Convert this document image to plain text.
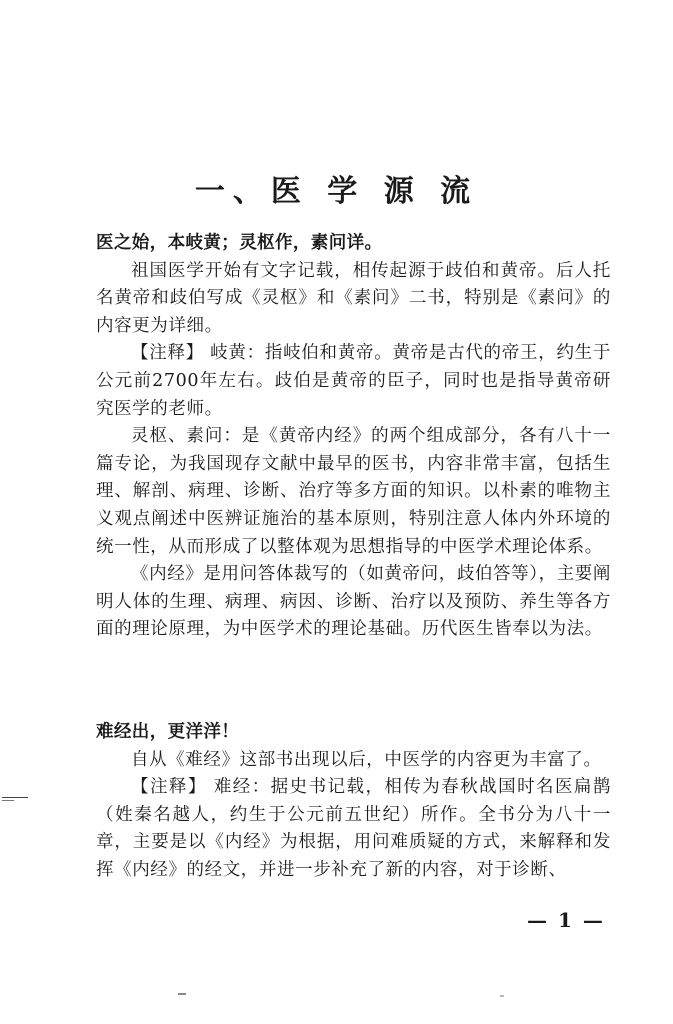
一、医 学 源 流

医之始，本岐黄；灵枢作，素问详。

祖国医学开始有文字记载，相传起源于歧伯和黄帝。后人托名黄帝和歧伯写成《灵枢》和《素问》二书，特别是《素问》的内容更为详细。

【注释】 岐黄：指岐伯和黄帝。黄帝是古代的帝王，约生于公元前2700年左右。歧伯是黄帝的臣子，同时也是指导黄帝研究医学的老师。

灵枢、素问：是《黄帝内经》的两个组成部分，各有八十一篇专论，为我国现存文献中最早的医书，内容非常丰富，包括生理、解剖、病理、诊断、治疗等多方面的知识。以朴素的唯物主义观点阐述中医辨证施治的基本原则，特别注意人体内外环境的统一性，从而形成了以整体观为思想指导的中医学术理论体系。

《内经》是用问答体裁写的（如黄帝问，歧伯答等），主要阐明人体的生理、病理、病因、诊断、治疗以及预防、养生等各方面的理论原理，为中医学术的理论基础。历代医生皆奉以为法。

难经出，更洋洋！

自从《难经》这部书出现以后，中医学的内容更为丰富了。

【注释】 难经：据史书记载，相传为春秋战国时名医扁鹊（姓秦名越人，约生于公元前五世纪）所作。全书分为八十一章，主要是以《内经》为根据，用问难质疑的方式，来解释和发挥《内经》的经文，并进一步补充了新的内容，对于诊断、

— 1 —
